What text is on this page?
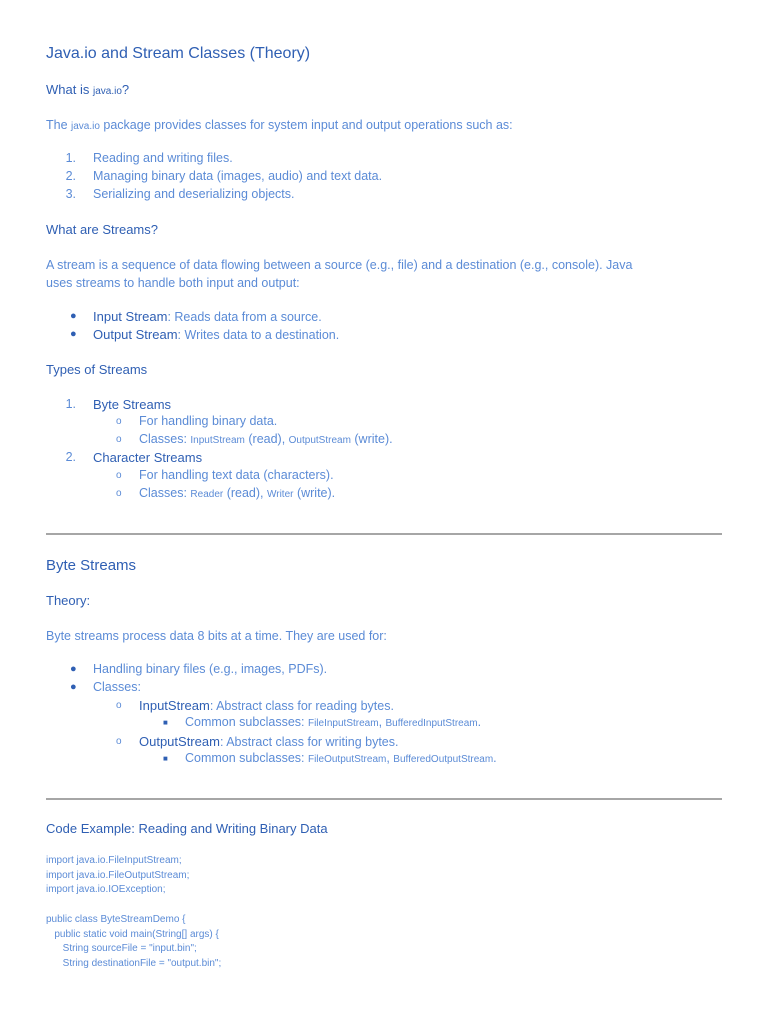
Java.io and Stream Classes (Theory)
What is java.io?
The java.io package provides classes for system input and output operations such as:
1. Reading and writing files.
2. Managing binary data (images, audio) and text data.
3. Serializing and deserializing objects.
What are Streams?
A stream is a sequence of data flowing between a source (e.g., file) and a destination (e.g., console). Java
uses streams to handle both input and output:
● Input Stream: Reads data from a source.
● Output Stream: Writes data to a destination.
Types of Streams
1. Byte Streams
o For handling binary data.
o Classes: InputStream (read), OutputStream (write).
2. Character Streams
o For handling text data (characters).
o Classes: Reader (read), Writer (write).
Byte Streams
Theory:
Byte streams process data 8 bits at a time. They are used for:
● Handling binary files (e.g., images, PDFs).
● Classes:
o InputStream: Abstract class for reading bytes.
■ Common subclasses: FileInputStream, BufferedInputStream.
o OutputStream: Abstract class for writing bytes.
■ Common subclasses: FileOutputStream, BufferedOutputStream.
Code Example: Reading and Writing Binary Data
import java.io.FileInputStream;
import java.io.FileOutputStream;
import java.io.IOException;
public class ByteStreamDemo {
public static void main(String[] args) {
String sourceFile = "input.bin";
String destinationFile = "output.bin";
